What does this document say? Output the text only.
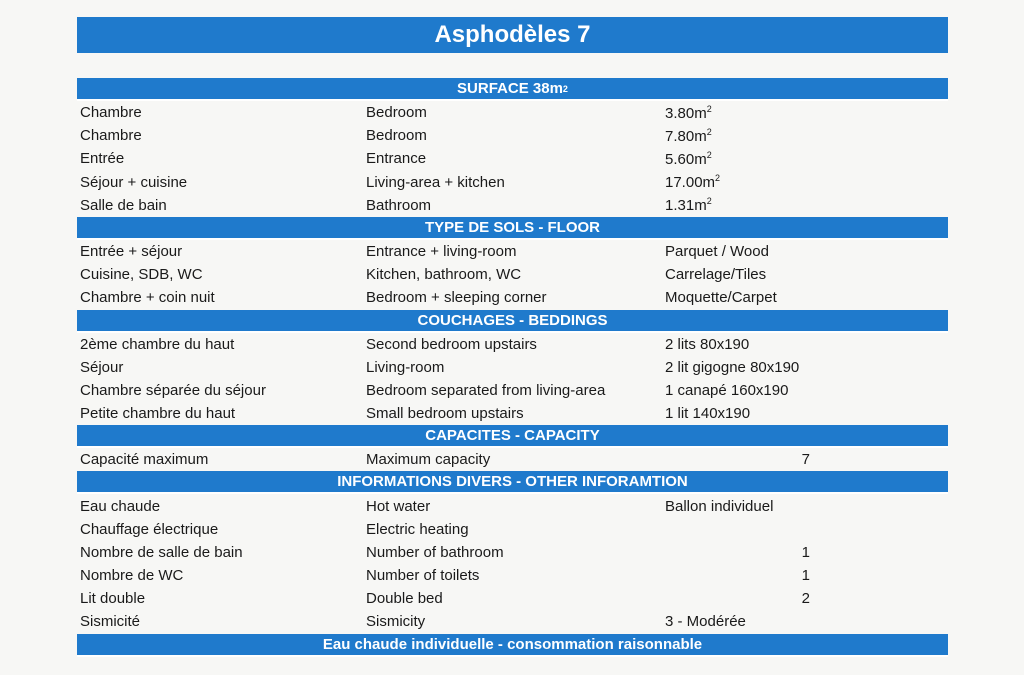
Asphodèles 7
SURFACE 38m 2
Chambre	Bedroom	$3.80m^2$
Chambre	Bedroom	$7.80m^2$
Entrée	Entrance	$5.60m^2$
Séjour + cuisine	Living-area + kitchen	$17.00m^2$
Salle de bain	Bathroom	$1.31m^2$
TYPE DE SOLS - FLOOR
Entrée + séjour	Entrance + living-room	Parquet / Wood
Cuisine, SDB, WC	Kitchen, bathroom, WC	Carrelage/Tiles
Chambre + coin nuit	Bedroom + sleeping corner	Moquette/Carpet
COUCHAGES - BEDDINGS
2ème chambre du haut	Second bedroom upstairs	2 lits 80x190
Séjour	Living-room	2 lit gigogne 80x190
Chambre séparée du séjour	Bedroom separated from living-area	1 canapé 160x190
Petite chambre du haut	Small bedroom upstairs	1 lit 140x190
CAPACITES - CAPACITY
Capacité maximum	Maximum capacity	7
INFORMATIONS DIVERS - OTHER INFORAMTION
Eau chaude	Hot water	Ballon individuel
Chauffage électrique	Electric heating
Nombre de salle de bain	Number of bathroom	1
Nombre de WC	Number of toilets	1
Lit double	Double bed	2
Sismicité	Sismicity	3 - Modérée
Eau chaude individuelle - consommation raisonnable
